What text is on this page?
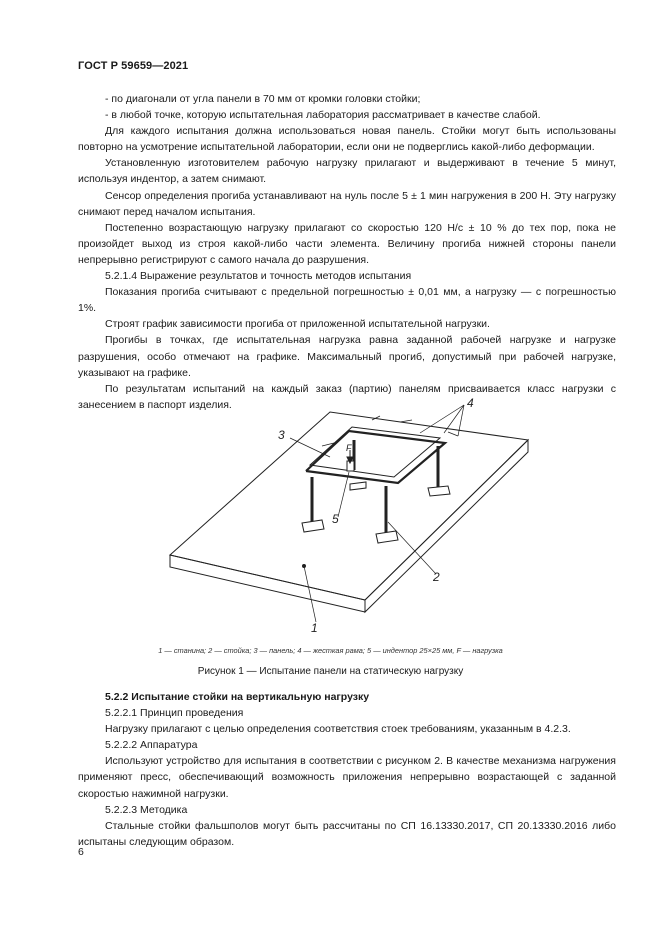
ГОСТ Р 59659—2021

- по диагонали от угла панели в 70 мм от кромки головки стойки;

- в любой точке, которую испытательная лаборатория рассматривает в качестве слабой.

Для каждого испытания должна использоваться новая панель. Стойки могут быть использованы повторно на усмотрение испытательной лаборатории, если они не подверглись какой-либо деформации.

Установленную изготовителем рабочую нагрузку прилагают и выдерживают в течение 5 минут, используя индентор, а затем снимают.

Сенсор определения прогиба устанавливают на нуль после 5 ± 1 мин нагружения в 200 Н. Эту нагрузку снимают перед началом испытания.

Постепенно возрастающую нагрузку прилагают со скоростью 120 Н/с ± 10 % до тех пор, пока не произойдет выход из строя какой-либо части элемента. Величину прогиба нижней стороны панели непрерывно регистрируют с самого начала до разрушения.

5.2.1.4 Выражение результатов и точность методов испытания

Показания прогиба считывают с предельной погрешностью ± 0,01 мм, а нагрузку — с погрешностью 1%.

Строят график зависимости прогиба от приложенной испытательной нагрузки.

Прогибы в точках, где испытательная нагрузка равна заданной рабочей нагрузке и нагрузке разрушения, особо отмечают на графике. Максимальный прогиб, допустимый при рабочей нагрузке, указывают на графике.

По результатам испытаний на каждый заказ (партию) панелям присваивается класс нагрузки с занесением в паспорт изделия.	4
3
F
5
2
1
1 — станина; 2 — стойка; 3 — панель; 4 — жесткая рама; 5 — индентор 25×25 мм, F — нагрузка
Рисунок 1 — Испытание панели на статическую нагрузку

5.2.2 Испытание стойки на вертикальную нагрузку

5.2.2.1 Принцип проведения

Нагрузку прилагают с целью определения соответствия стоек требованиям, указанным в 4.2.3.

5.2.2.2 Аппаратура

Используют устройство для испытания в соответствии с рисунком 2. В качестве механизма нагружения применяют пресс, обеспечивающий возможность приложения непрерывно возрастающей с заданной скоростью нажимной нагрузки.

5.2.2.3 Методика

Стальные стойки фальшполов могут быть рассчитаны по СП 16.13330.2017, СП 20.13330.2016 либо испытаны следующим образом.

6
